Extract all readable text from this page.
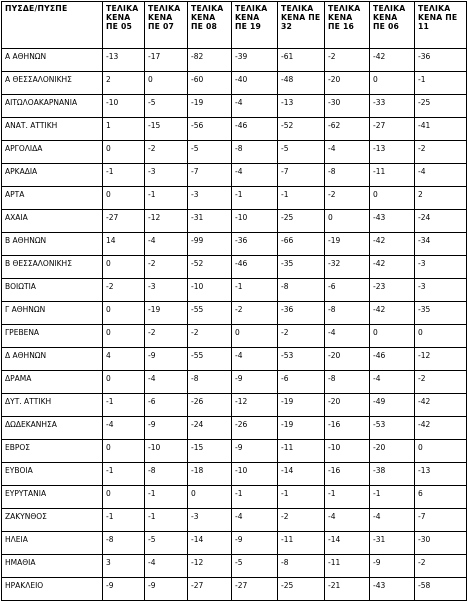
ΠΥΣΔΕ/ΠΥΣΠΕ	ΤΕΛΙΚΑ ΚΕΝΑ ΠΕ 05	ΤΕΛΙΚΑ ΚΕΝΑ ΠΕ 07	ΤΕΛΙΚΑ ΚΕΝΑ ΠΕ 08	ΤΕΛΙΚΑ ΚΕΝΑ ΠΕ 19	ΤΕΛΙΚΑ ΚΕΝΑ ΠΕ 32	ΤΕΛΙΚΑ ΚΕΝΑ ΠΕ 16	ΤΕΛΙΚΑ ΚΕΝΑ ΠΕ 06	ΤΕΛΙΚΑ ΚΕΝΑ ΠΕ 11
Α ΑΘΗΝΩΝ	-13	-17	-82	-39	-61	-2	-42	-36
Α ΘΕΣΣΑΛΟΝΙΚΗΣ	2	0	-60	-40	-48	-20	0	-1
ΑΙΤΩΛΟΑΚΑΡΝΑΝΙΑ	-10	-5	-19	-4	-13	-30	-33	-25
ΑΝΑΤ. ΑΤΤΙΚΗ	1	-15	-56	-46	-52	-62	-27	-41
ΑΡΓΟΛΙΔΑ	0	-2	-5	-8	-5	-4	-13	-2
ΑΡΚΑΔΙΑ	-1	-3	-7	-4	-7	-8	-11	-4
ΑΡΤΑ	0	-1	-3	-1	-1	-2	0	2
ΑΧΑΙΑ	-27	-12	-31	-10	-25	0	-43	-24
Β ΑΘΗΝΩΝ	14	-4	-99	-36	-66	-19	-42	-34
Β ΘΕΣΣΑΛΟΝΙΚΗΣ	0	-2	-52	-46	-35	-32	-42	-3
ΒΟΙΩΤΙΑ	-2	-3	-10	-1	-8	-6	-23	-3
Γ ΑΘΗΝΩΝ	0	-19	-55	-2	-36	-8	-42	-35
ΓΡΕΒΕΝΑ	0	-2	-2	0	-2	-4	0	0
Δ ΑΘΗΝΩΝ	4	-9	-55	-4	-53	-20	-46	-12
ΔΡΑΜΑ	0	-4	-8	-9	-6	-8	-4	-2
ΔΥΤ. ΑΤΤΙΚΗ	-1	-6	-26	-12	-19	-20	-49	-42
ΔΩΔΕΚΑΝΗΣΑ	-4	-9	-24	-26	-19	-16	-53	-42
ΕΒΡΟΣ	0	-10	-15	-9	-11	-10	-20	0
ΕΥΒΟΙΑ	-1	-8	-18	-10	-14	-16	-38	-13
ΕΥΡΥΤΑΝΙΑ	0	-1	0	-1	-1	-1	-1	6
ΖΑΚΥΝΘΟΣ	-1	-1	-3	-4	-2	-4	-4	-7
ΗΛΕΙΑ	-8	-5	-14	-9	-11	-14	-31	-30
ΗΜΑΘΙΑ	3	-4	-12	-5	-8	-11	-9	-2
ΗΡΑΚΛΕΙΟ	-9	-9	-27	-27	-25	-21	-43	-58
